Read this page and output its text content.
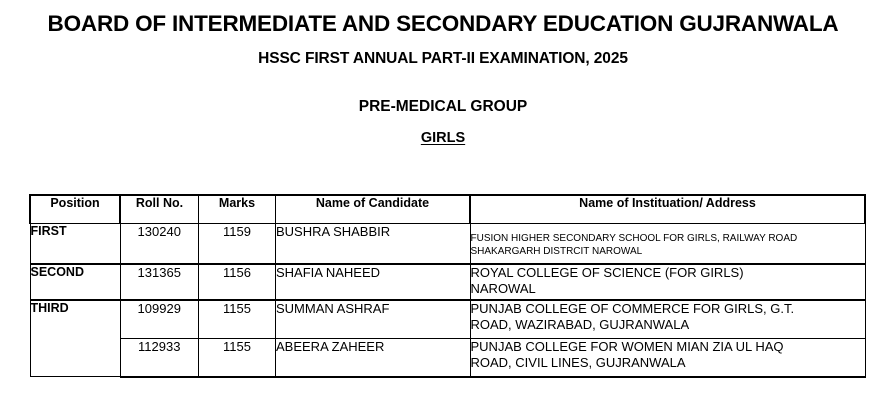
BOARD OF INTERMEDIATE AND SECONDARY EDUCATION GUJRANWALA
HSSC FIRST ANNUAL PART-II EXAMINATION, 2025
PRE-MEDICAL GROUP
GIRLS
Position	Roll No.	Marks	Name of Candidate	Name of Instituation/ Address
FIRST	130240	1159	BUSHRA SHABBIR	FUSION HIGHER SECONDARY SCHOOL FOR GIRLS, RAILWAY ROAD
SHAKARGARH DISTRCIT NAROWAL

SECOND	131365	1156	SHAFIA NAHEED	ROYAL COLLEGE OF SCIENCE (FOR GIRLS)
NAROWAL

THIRD	109929	1155	SUMMAN ASHRAF	PUNJAB COLLEGE OF COMMERCE FOR GIRLS, G.T.
ROAD, WAZIRABAD, GUJRANWALA

	112933	1155	ABEERA ZAHEER	PUNJAB COLLEGE FOR WOMEN MIAN ZIA UL HAQ
ROAD, CIVIL LINES, GUJRANWALA
